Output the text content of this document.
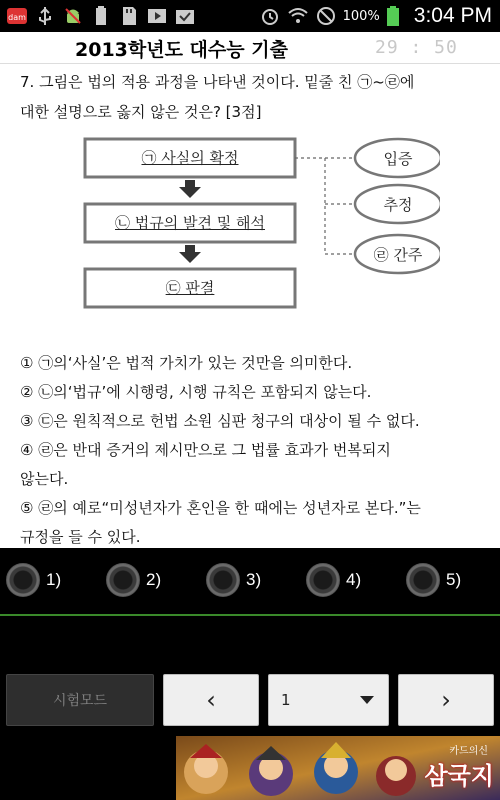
dam	100% 3:04 PM
2013학년도 대수능 기출	29 : 50
7. 그림은 법의 적용 과정을 나타낸 것이다. 밑줄 친 ㉠~㉣에
대한 설명으로 옳지 않은 것은? [3점]
㉠ 사실의 확정
㉡ 법규의 발견 및 해석
㉢ 판결
입증
추정
㉣ 간주
① ㉠의‘사실’은 법적 가치가 있는 것만을 의미한다.
② ㉡의‘법규’에 시행령, 시행 규칙은 포함되지 않는다.
③ ㉢은 원칙적으로 헌법 소원 심판 청구의 대상이 될 수 없다.
④ ㉣은 반대 증거의 제시만으로 그 법률 효과가 번복되지
않는다.
⑤ ㉣의 예로“미성년자가 혼인을 한 때에는 성년자로 본다.”는
규정을 들 수 있다.
1)	2)	3)	4)	5)
시험모드	‹	1	›
카드의신
삼국지
